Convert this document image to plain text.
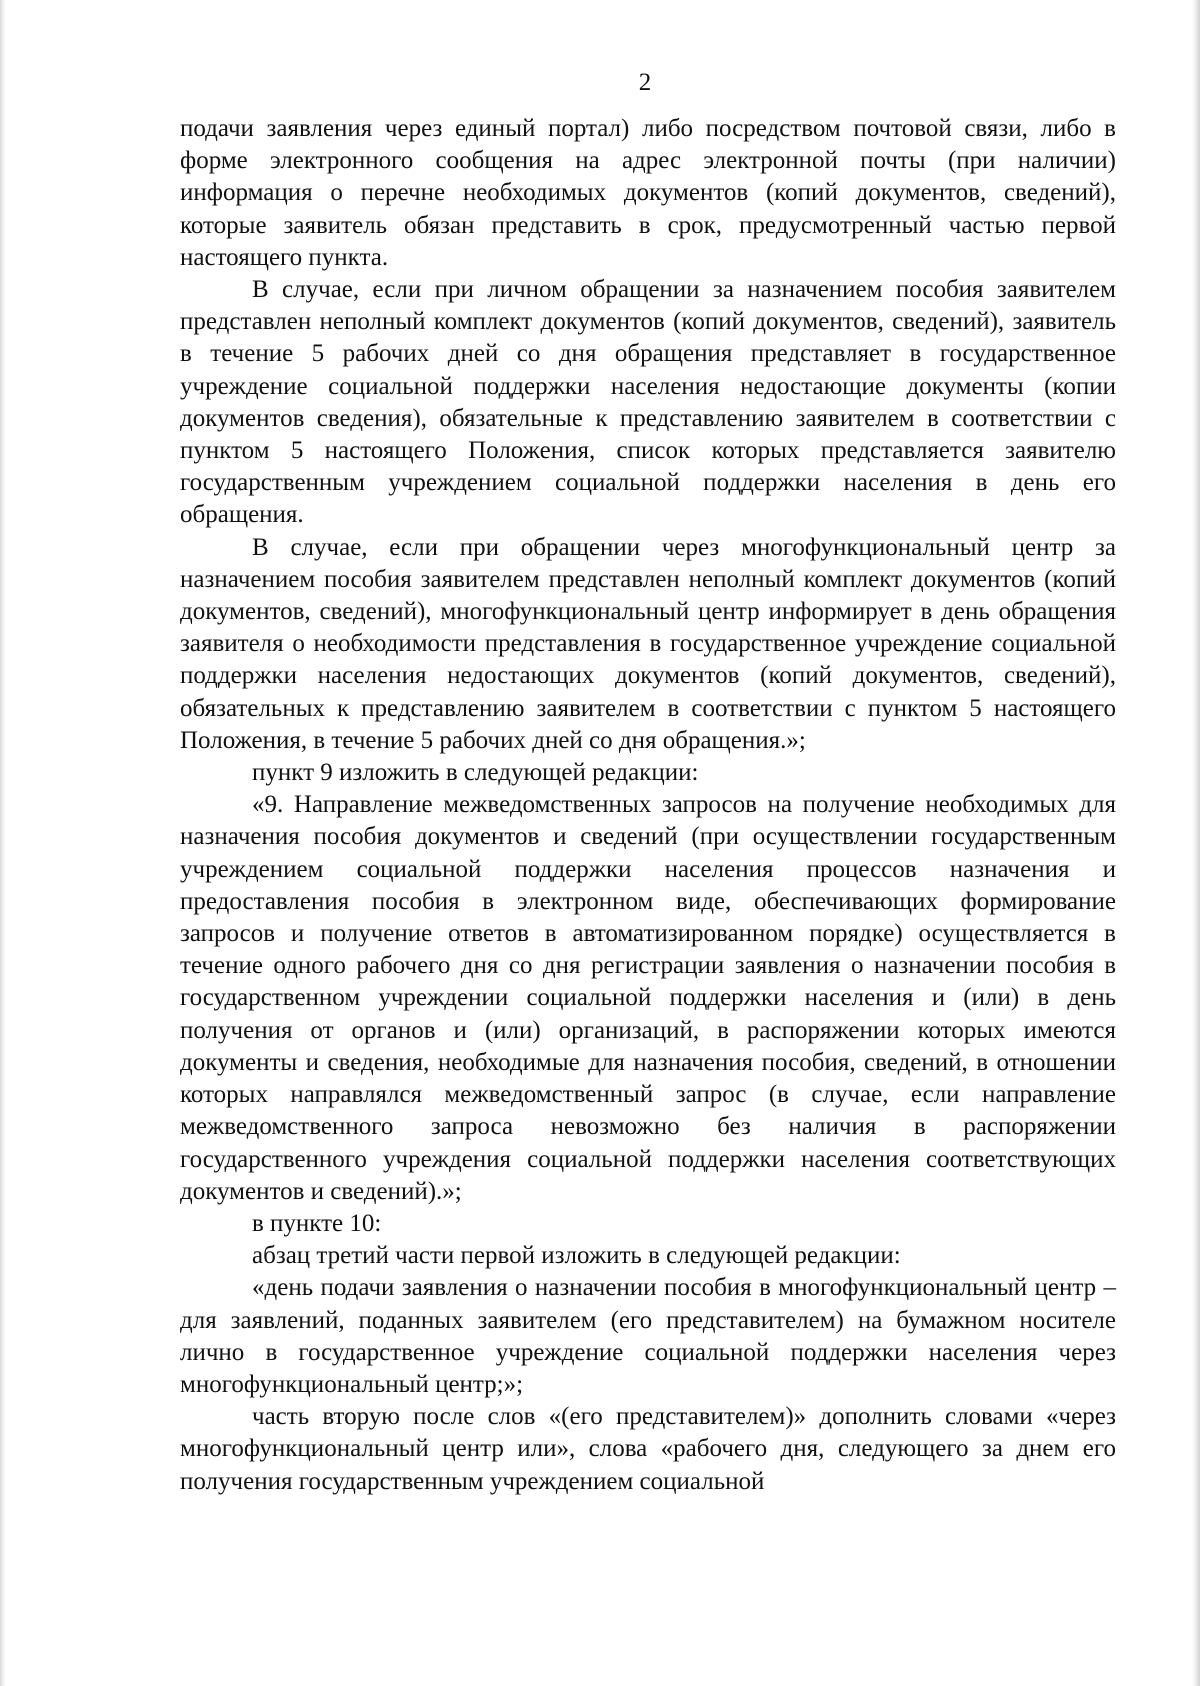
2

подачи заявления через единый портал) либо посредством почтовой связи, либо в форме электронного сообщения на адрес электронной почты (при наличии) информация о перечне необходимых документов (копий документов, сведений), которые заявитель обязан представить в срок, предусмотренный частью первой настоящего пункта.

В случае, если при личном обращении за назначением пособия заявителем представлен неполный комплект документов (копий документов, сведений), заявитель в течение 5 рабочих дней со дня обращения представляет в государственное учреждение социальной поддержки населения недостающие документы (копии документов сведения), обязательные к представлению заявителем в соответствии с пунктом 5 настоящего Положения, список которых представляется заявителю государственным учреждением социальной поддержки населения в день его обращения.

В случае, если при обращении через многофункциональный центр за назначением пособия заявителем представлен неполный комплект документов (копий документов, сведений), многофункциональный центр информирует в день обращения заявителя о необходимости представления в государственное учреждение социальной поддержки населения недостающих документов (копий документов, сведений), обязательных к представлению заявителем в соответствии с пунктом 5 настоящего Положения, в течение 5 рабочих дней со дня обращения.»;

пункт 9 изложить в следующей редакции:

«9. Направление межведомственных запросов на получение необходимых для назначения пособия документов и сведений (при осуществлении государственным учреждением социальной поддержки населения процессов назначения и предоставления пособия в электронном виде, обеспечивающих формирование запросов и получение ответов в автоматизированном порядке) осуществляется в течение одного рабочего дня со дня регистрации заявления о назначении пособия в государственном учреждении социальной поддержки населения и (или) в день получения от органов и (или) организаций, в распоряжении которых имеются документы и сведения, необходимые для назначения пособия, сведений, в отношении которых направлялся межведомственный запрос (в случае, если направление межведомственного запроса невозможно без наличия в распоряжении государственного учреждения социальной поддержки населения соответствующих документов и сведений).»;

в пункте 10:

абзац третий части первой изложить в следующей редакции:

«день подачи заявления о назначении пособия в многофункциональный центр – для заявлений, поданных заявителем (его представителем) на бумажном носителе лично в государственное учреждение социальной поддержки населения через многофункциональный центр;»;

часть вторую после слов «(его представителем)» дополнить словами «через многофункциональный центр или», слова «рабочего дня, следующего за днем его получения государственным учреждением социальной
